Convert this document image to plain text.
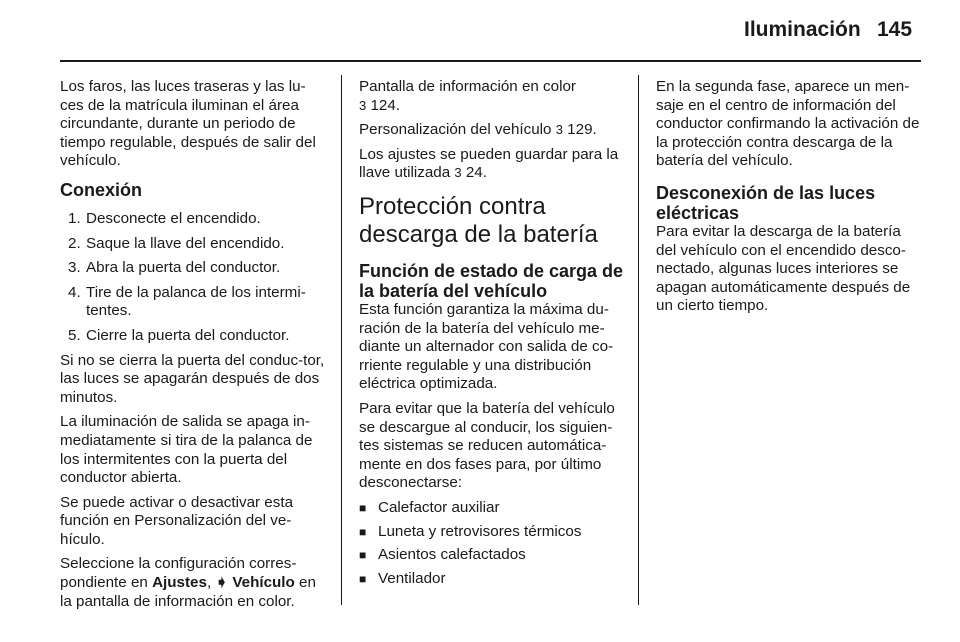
Iluminación 145

Los faros, las luces traseras y las lu-ces de la matrícula iluminan el área circundante, durante un periodo de tiempo regulable, después de salir del vehículo.

Conexión
1. Desconecte el encendido.
2. Saque la llave del encendido.
3. Abra la puerta del conductor.
4. Tire de la palanca de los intermi-tentes.
5. Cierre la puerta del conductor.

Si no se cierra la puerta del conduc-tor, las luces se apagarán después de dos minutos.

La iluminación de salida se apaga in-mediatamente si tira de la palanca de los intermitentes con la puerta del conductor abierta.

Se puede activar o desactivar esta función en Personalización del ve-hículo.

Seleccione la configuración corres-pondiente en Ajustes, ➧ Vehículo en la pantalla de información en color.

Pantalla de información en color
3 124.

Personalización del vehículo 3 129.

Los ajustes se pueden guardar para la llave utilizada 3 24.

Protección contra descarga de la batería
Función de estado de carga de la batería del vehículo

Esta función garantiza la máxima du-ración de la batería del vehículo me-diante un alternador con salida de co-rriente regulable y una distribución eléctrica optimizada.

Para evitar que la batería del vehículo se descargue al conducir, los siguien-tes sistemas se reducen automática-mente en dos fases para, por último desconectarse:

■ Calefactor auxiliar
■ Luneta y retrovisores térmicos
■ Asientos calefactados
■ Ventilador

En la segunda fase, aparece un men-saje en el centro de información del conductor confirmando la activación de la protección contra descarga de la batería del vehículo.

Desconexión de las luces eléctricas

Para evitar la descarga de la batería del vehículo con el encendido desco-nectado, algunas luces interiores se apagan automáticamente después de un cierto tiempo.
